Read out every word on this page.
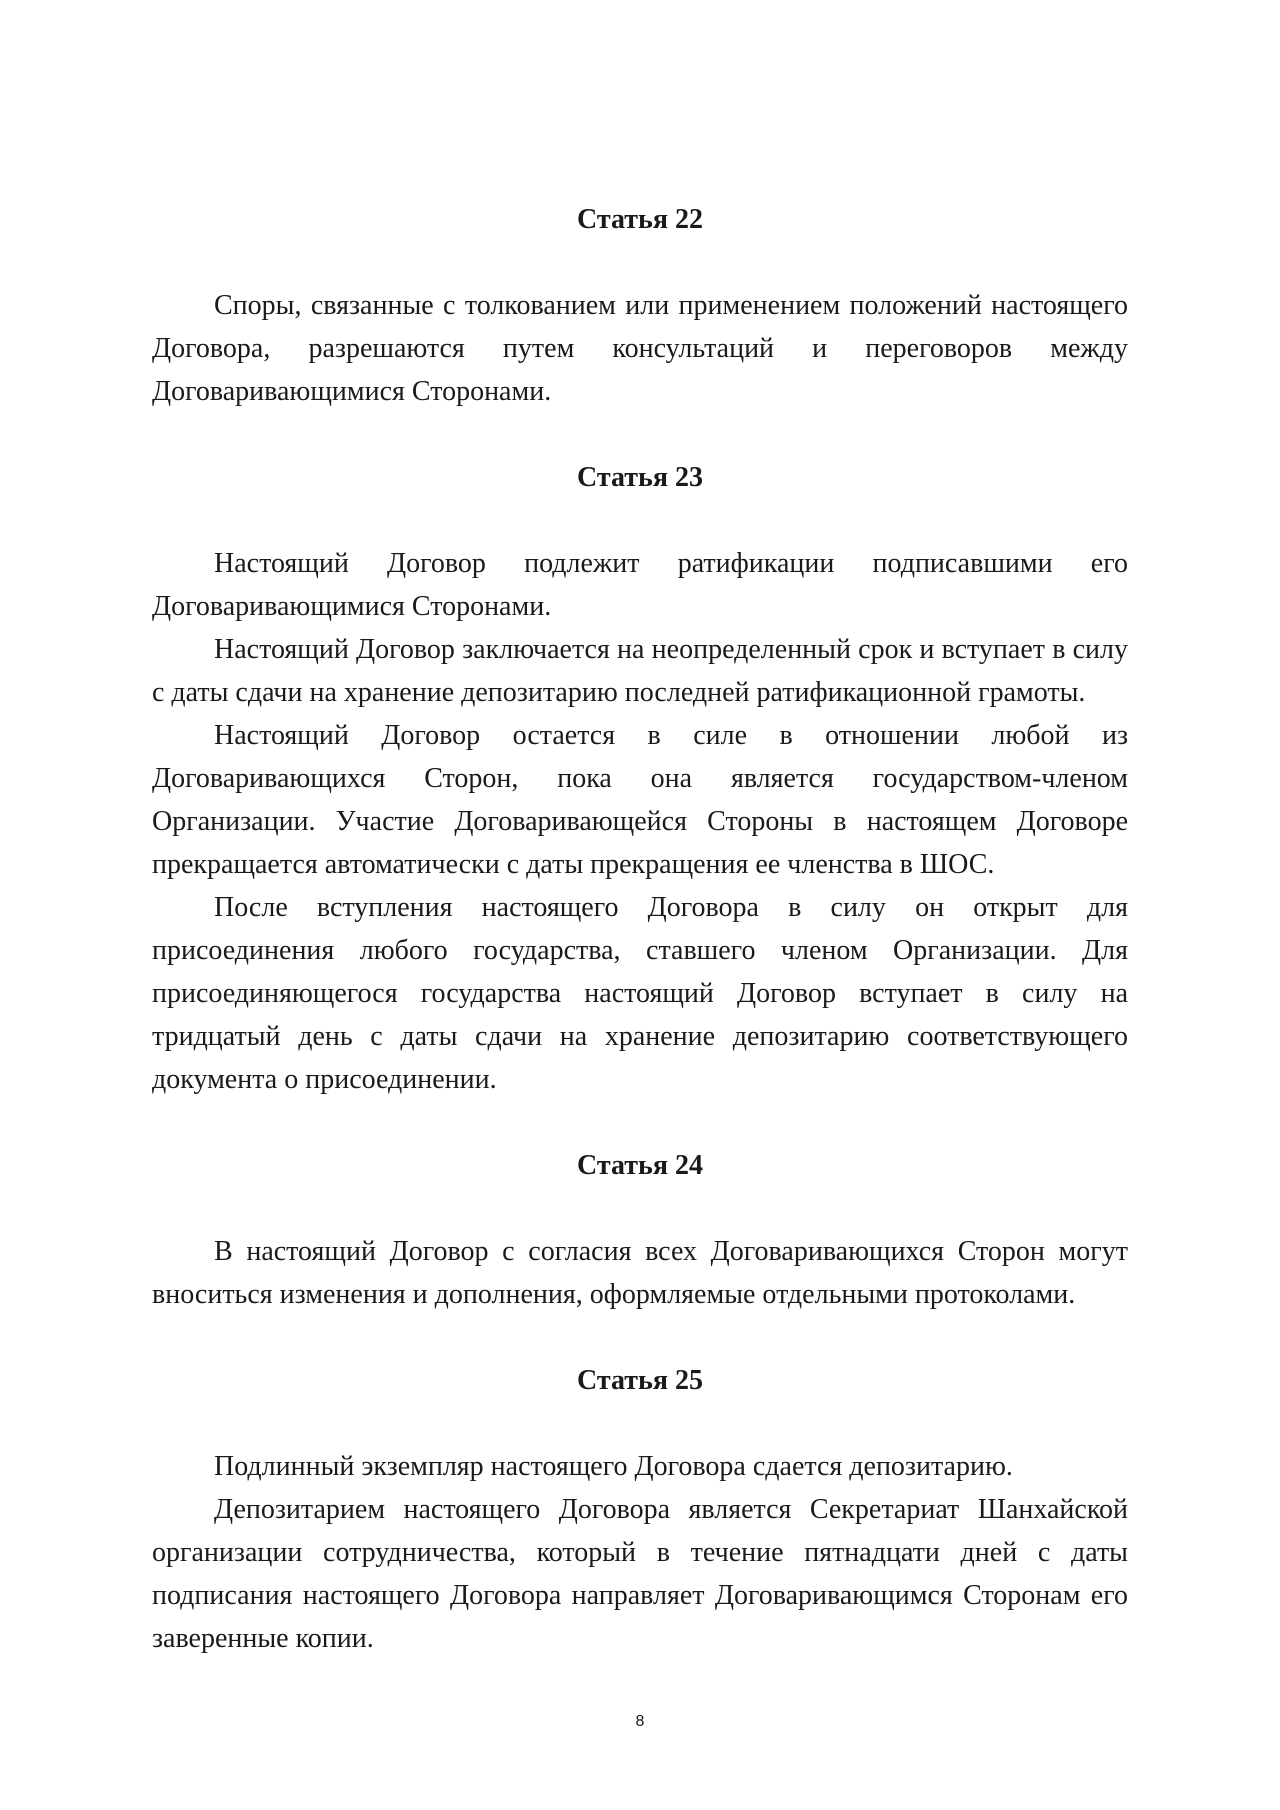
Статья 22

Споры, связанные с толкованием или применением положений настоящего Договора, разрешаются путем консультаций и переговоров между Договаривающимися Сторонами.

Статья 23

Настоящий Договор подлежит ратификации подписавшими его Договаривающимися Сторонами.

Настоящий Договор заключается на неопределенный срок и вступает в силу с даты сдачи на хранение депозитарию последней ратификационной грамоты.

Настоящий Договор остается в силе в отношении любой из Договаривающихся Сторон, пока она является государством-членом Организации. Участие Договаривающейся Стороны в настоящем Договоре прекращается автоматически с даты прекращения ее членства в ШОС.

После вступления настоящего Договора в силу он открыт для присоединения любого государства, ставшего членом Организации. Для присоединяющегося государства настоящий Договор вступает в силу на тридцатый день с даты сдачи на хранение депозитарию соответствующего документа о присоединении.

Статья 24

В настоящий Договор с согласия всех Договаривающихся Сторон могут вноситься изменения и дополнения, оформляемые отдельными протоколами.

Статья 25

Подлинный экземпляр настоящего Договора сдается депозитарию.

Депозитарием настоящего Договора является Секретариат Шанхайской организации сотрудничества, который в течение пятнадцати дней с даты подписания настоящего Договора направляет Договаривающимся Сторонам его заверенные копии.

8
